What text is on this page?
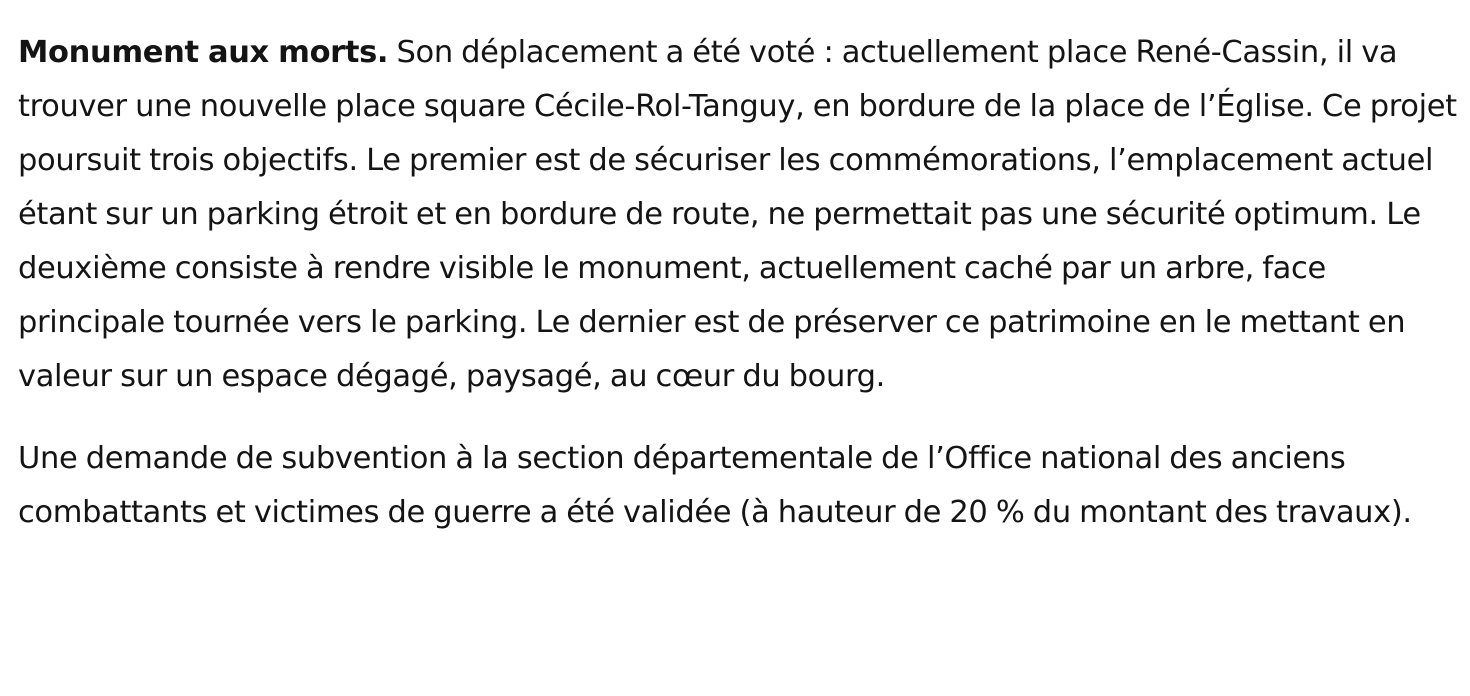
Monument aux morts. Son déplacement a été voté : actuellement place René-Cassin, il va trouver une nouvelle place square Cécile-Rol-Tanguy, en bordure de la place de l’Église. Ce projet poursuit trois objectifs. Le premier est de sécuriser les commémorations, l’emplacement actuel étant sur un parking étroit et en bordure de route, ne permettait pas une sécurité optimum. Le deuxième consiste à rendre visible le monument, actuellement caché par un arbre, face principale tournée vers le parking. Le dernier est de préserver ce patrimoine en le mettant en valeur sur un espace dégagé, paysagé, au cœur du bourg.

Une demande de subvention à la section départementale de l’Office national des anciens combattants et victimes de guerre a été validée (à hauteur de 20 % du montant des travaux).
